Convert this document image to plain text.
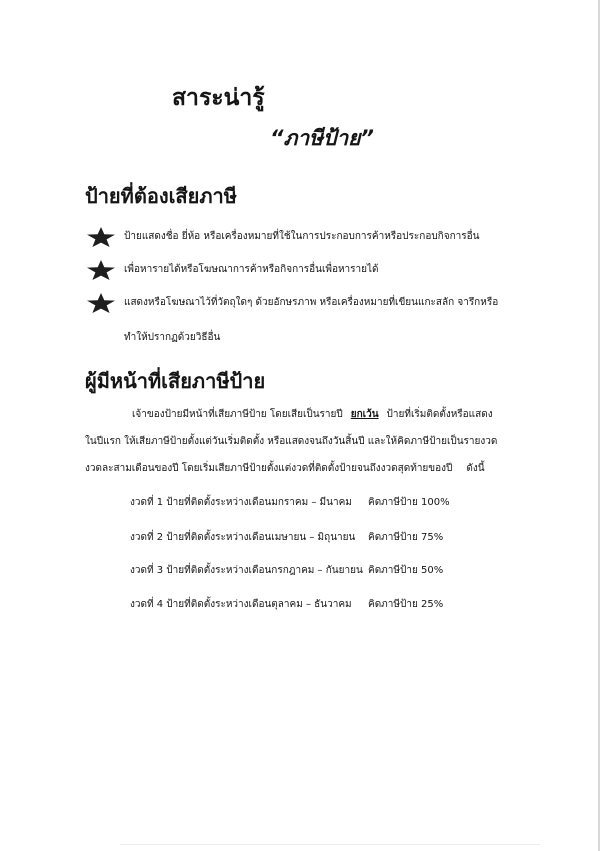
สาระน่ารู้
“ภาษีป้าย”
ป้ายที่ต้องเสียภาษี
ป้ายแสดงชื่อ ยี่ห้อ หรือเครื่องหมายที่ใช้ในการประกอบการค้าหรือประกอบกิจการอื่น
เพื่อหารายได้หรือโฆษณาการค้าหรือกิจการอื่นเพื่อหารายได้
แสดงหรือโฆษณาไว้ที่วัตถุใดๆ ด้วยอักษรภาพ หรือเครื่องหมายที่เขียนแกะสลัก จารึกหรือ
ทำให้ปรากฏด้วยวิธีอื่น
ผู้มีหน้าที่เสียภาษีป้าย
เจ้าของป้ายมีหน้าที่เสียภาษีป้าย โดยเสียเป็นรายปี ยกเว้น ป้ายที่เริ่มติดตั้งหรือแสดง
ในปีแรก ให้เสียภาษีป้ายตั้งแต่วันเริ่มติดตั้ง หรือแสดงจนถึงวันสิ้นปี และให้คิดภาษีป้ายเป็นรายงวด
งวดละสามเดือนของปี โดยเริ่มเสียภาษีป้ายตั้งแต่งวดที่ติดตั้งป้ายจนถึงงวดสุดท้ายของปี ดังนี้
งวดที่ 1 ป้ายที่ติดตั้งระหว่างเดือนมกราคม – มีนาคม คิดภาษีป้าย 100%
งวดที่ 2 ป้ายที่ติดตั้งระหว่างเดือนเมษายน – มิถุนายน คิดภาษีป้าย 75%
งวดที่ 3 ป้ายที่ติดตั้งระหว่างเดือนกรกฎาคม – กันยายน คิดภาษีป้าย 50%
งวดที่ 4 ป้ายที่ติดตั้งระหว่างเดือนตุลาคม – ธันวาคม คิดภาษีป้าย 25%
